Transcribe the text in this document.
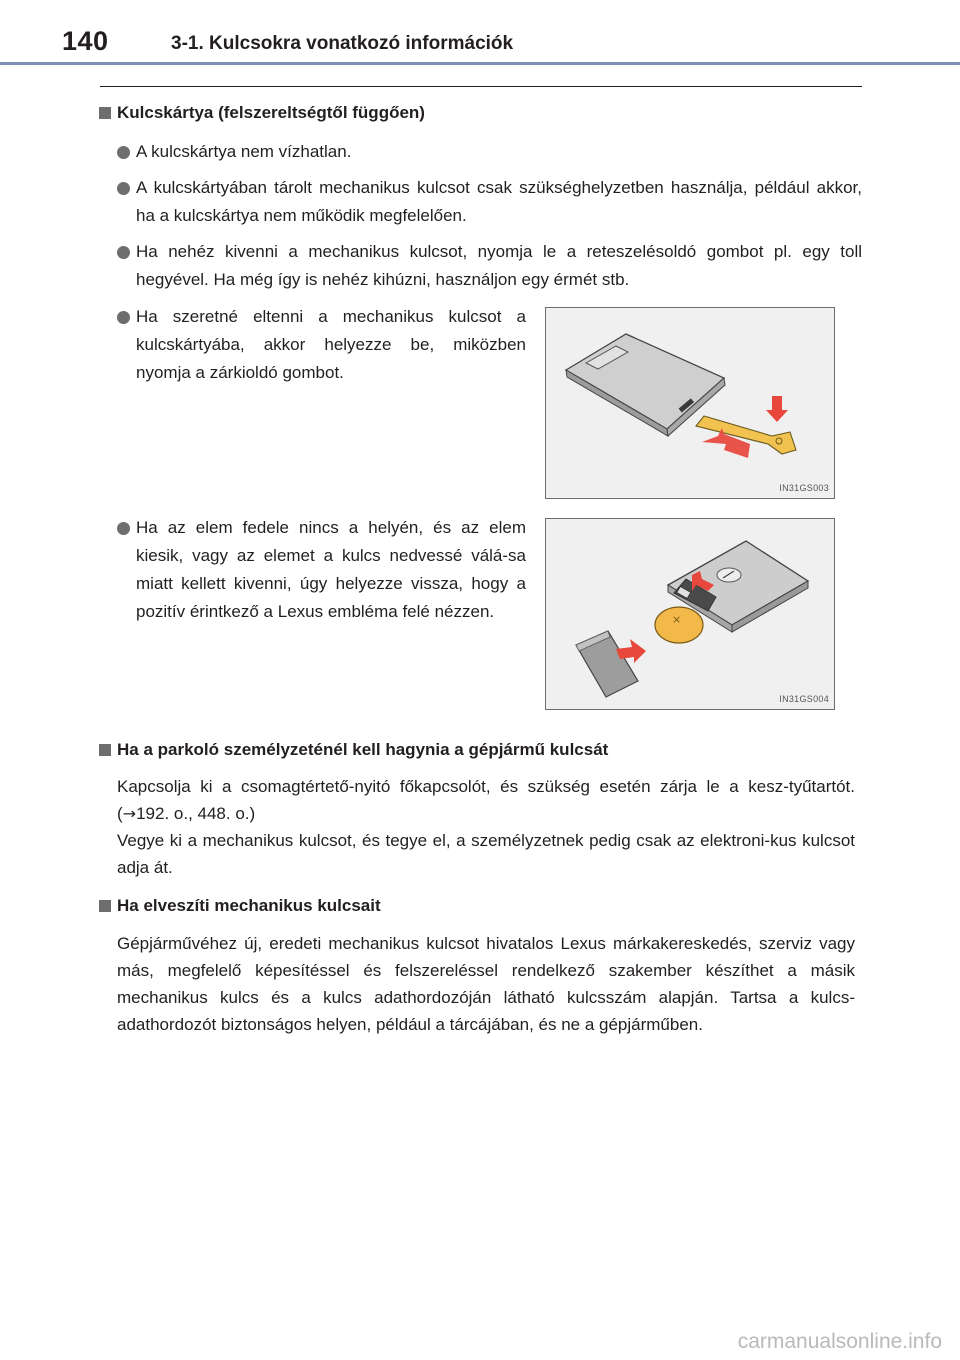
140	3-1. Kulcsokra vonatkozó információk
Kulcskártya (felszereltségtől függően)
A kulcskártya nem vízhatlan.
A kulcskártyában tárolt mechanikus kulcsot csak szükséghelyzetben használja, például akkor, ha a kulcskártya nem működik megfelelően.
Ha nehéz kivenni a mechanikus kulcsot, nyomja le a reteszelésoldó gombot pl. egy toll hegyével. Ha még így is nehéz kihúzni, használjon egy érmét stb.
Ha szeretné eltenni a mechanikus kulcsot a kulcskártyába, akkor helyezze be, miközben nyomja a zárkioldó gombot.
Ha az elem fedele nincs a helyén, és az elem kiesik, vagy az elemet a kulcs nedvessé válá-sa miatt kellett kivenni, úgy helyezze vissza, hogy a pozitív érintkező a Lexus embléma felé nézzen.
IN31GS003
×
IN31GS004
Ha a parkoló személyzeténél kell hagynia a gépjármű kulcsát
Kapcsolja ki a csomagtértető-nyitó főkapcsolót, és szükség esetén zárja le a kesz-tyűtartót. (→192. o., 448. o.)
Vegye ki a mechanikus kulcsot, és tegye el, a személyzetnek pedig csak az elektroni-kus kulcsot adja át.
Ha elveszíti mechanikus kulcsait
Gépjárművéhez új, eredeti mechanikus kulcsot hivatalos Lexus márkakereskedés, szerviz vagy más, megfelelő képesítéssel és felszereléssel rendelkező szakember készíthet a másik mechanikus kulcs és a kulcs adathordozóján látható kulcsszám alapján. Tartsa a kulcs-adathordozót biztonságos helyen, például a tárcájában, és ne a gépjárműben.
carmanualsonline.info
